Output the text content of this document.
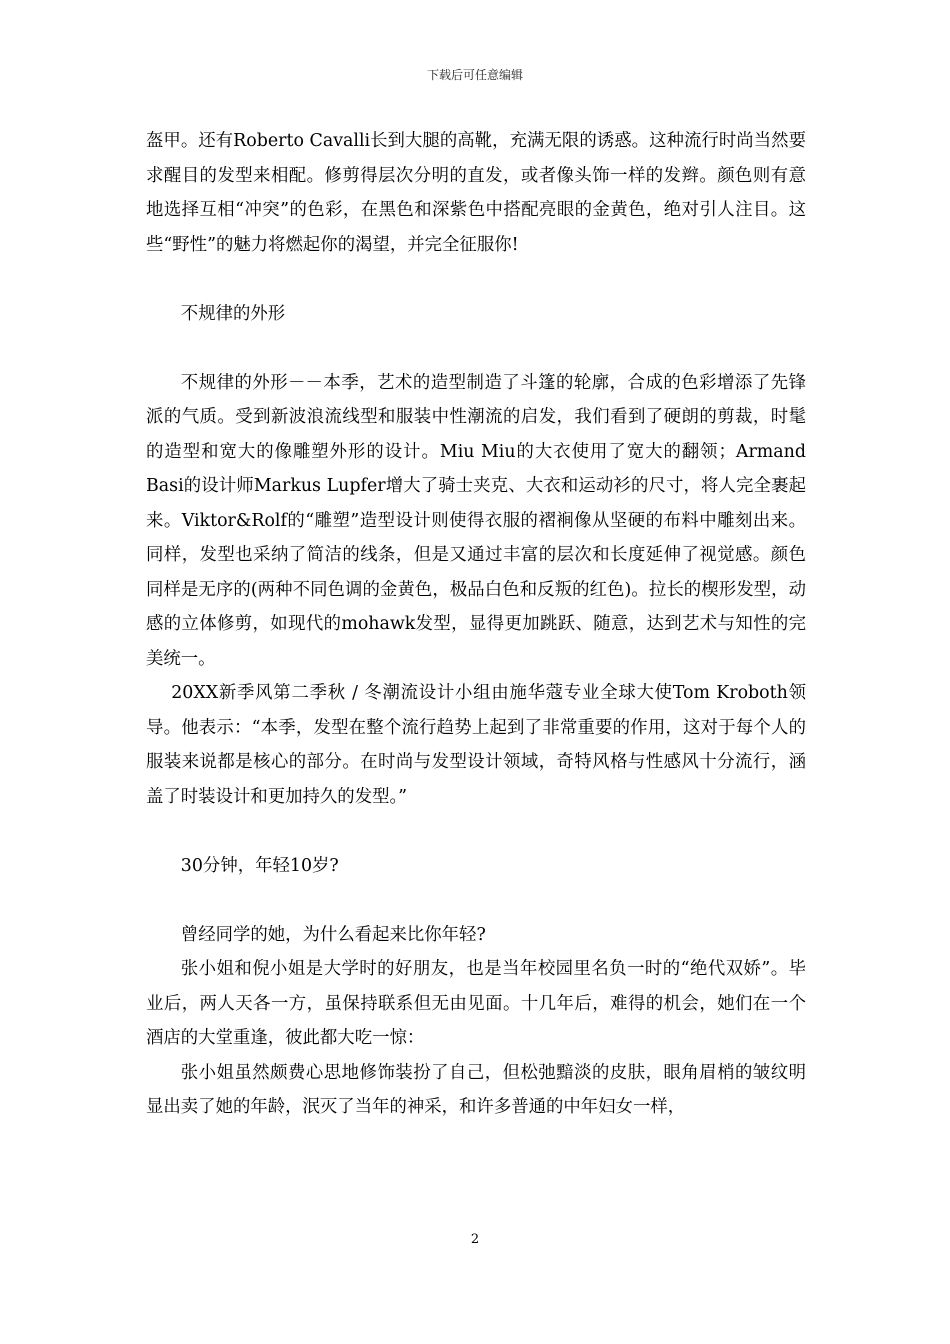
下载后可任意编辑

盔甲。还有Roberto Cavalli长到大腿的高靴，充满无限的诱惑。这种流行时尚当然要求醒目的发型来相配。修剪得层次分明的直发，或者像头饰一样的发辫。颜色则有意地选择互相“冲突”的色彩，在黑色和深紫色中搭配亮眼的金黄色，绝对引人注目。这些“野性”的魅力将燃起你的渴望，并完全征服你!

不规律的外形

不规律的外形－－本季，艺术的造型制造了斗篷的轮廓，合成的色彩增添了先锋派的气质。受到新波浪流线型和服装中性潮流的启发，我们看到了硬朗的剪裁，时髦的造型和宽大的像雕塑外形的设计。Miu Miu的大衣使用了宽大的翻领；Armand Basi的设计师Markus Lupfer增大了骑士夹克、大衣和运动衫的尺寸，将人完全裹起来。Viktor&Rolf的“雕塑”造型设计则使得衣服的褶裥像从坚硬的布料中雕刻出来。同样，发型也采纳了简洁的线条，但是又通过丰富的层次和长度延伸了视觉感。颜色同样是无序的(两种不同色调的金黄色，极品白色和反叛的红色)。拉长的楔形发型，动感的立体修剪，如现代的mohawk发型，显得更加跳跃、随意，达到艺术与知性的完美统一。

20XX新季风第二季秋 / 冬潮流设计小组由施华蔻专业全球大使Tom Kroboth领导。他表示：“本季，发型在整个流行趋势上起到了非常重要的作用，这对于每个人的服装来说都是核心的部分。在时尚与发型设计领域，奇特风格与性感风十分流行，涵盖了时装设计和更加持久的发型。”

30分钟，年轻10岁?

曾经同学的她，为什么看起来比你年轻?

张小姐和倪小姐是大学时的好朋友，也是当年校园里名负一时的“绝代双娇”。毕业后，两人天各一方，虽保持联系但无由见面。十几年后，难得的机会，她们在一个酒店的大堂重逢，彼此都大吃一惊：

张小姐虽然颇费心思地修饰装扮了自己，但松弛黯淡的皮肤，眼角眉梢的皱纹明显出卖了她的年龄，泯灭了当年的神采，和许多普通的中年妇女一样，

2
